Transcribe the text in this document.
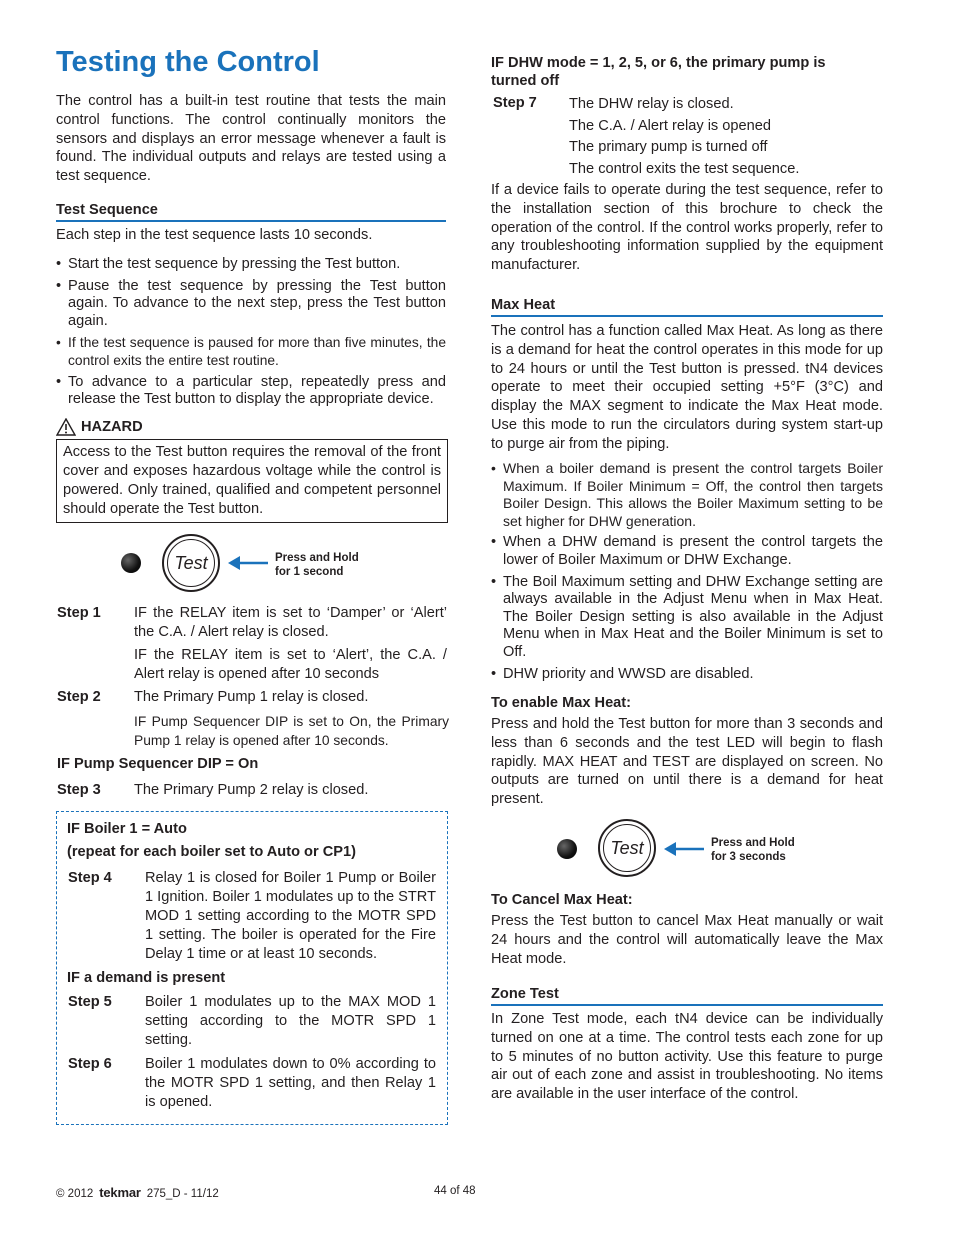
Testing the Control

The control has a built-in test routine that tests the main control functions. The control continually monitors the sensors and displays an error message whenever a fault is found. The individual outputs and relays are tested using a test sequence.

Test Sequence

Each step in the test sequence lasts 10 seconds.

• Start the test sequence by pressing the Test button.
• Pause the test sequence by pressing the Test button again. To advance to the next step, press the Test button again.
• If the test sequence is paused for more than five minutes, the control exits the entire test routine.
• To advance to a particular step, repeatedly press and release the Test button to display the appropriate device.
HAZARD
Access to the Test button requires the removal of the front cover and exposes hazardous voltage while the control is powered. Only trained, qualified and competent personnel should operate the Test button.
Test	Press and Hold
for 1 second
Step 1 IF the RELAY item is set to ‘Damper’ or ‘Alert’ the C.A. / Alert relay is closed.
IF the RELAY item is set to ‘Alert’, the C.A. / Alert relay is opened after 10 seconds
Step 2 The Primary Pump 1 relay is closed.
IF Pump Sequencer DIP is set to On, the Primary Pump 1 relay is opened after 10 seconds.
IF Pump Sequencer DIP = On
Step 3 The Primary Pump 2 relay is closed.
IF Boiler 1 = Auto
(repeat for each boiler set to Auto or CP1)
Step 4 Relay 1 is closed for Boiler 1 Pump or Boiler 1 Ignition. Boiler 1 modulates up to the STRT MOD 1 setting according to the MOTR SPD 1 setting. The boiler is operated for the Fire Delay 1 time or at least 10 seconds.
IF a demand is present
Step 5 Boiler 1 modulates up to the MAX MOD 1 setting according to the MOTR SPD 1 setting.
Step 6 Boiler 1 modulates down to 0% according to the MOTR SPD 1 setting, and then Relay 1 is opened.
IF DHW mode = 1, 2, 5, or 6, the primary pump is turned off
Step 7 The DHW relay is closed.
The C.A. / Alert relay is opened
The primary pump is turned off
The control exits the test sequence.

If a device fails to operate during the test sequence, refer to the installation section of this brochure to check the operation of the control. If the control works properly, refer to any troubleshooting information supplied by the equipment manufacturer.

Max Heat

The control has a function called Max Heat. As long as there is a demand for heat the control operates in this mode for up to 24 hours or until the Test button is pressed. tN4 devices operate to meet their occupied setting +5°F (3°C) and display the MAX segment to indicate the Max Heat mode. Use this mode to run the circulators during system start-up to purge air from the piping.

• When a boiler demand is present the control targets Boiler Maximum. If Boiler Minimum = Off, the control then targets Boiler Design. This allows the Boiler Maximum setting to be set higher for DHW generation.
• When a DHW demand is present the control targets the lower of Boiler Maximum or DHW Exchange.
• The Boil Maximum setting and DHW Exchange setting are always available in the Adjust Menu when in Max Heat. The Boiler Design setting is also available in the Adjust Menu when in Max Heat and the Boiler Minimum is set to Off.
• DHW priority and WWSD are disabled.
To enable Max Heat:

Press and hold the Test button for more than 3 seconds and less than 6 seconds and the test LED will begin to flash rapidly. MAX HEAT and TEST are displayed on screen. No outputs are turned on until there is a demand for heat present.

Test	Press and Hold
for 3 seconds
To Cancel Max Heat:

Press the Test button to cancel Max Heat manually or wait 24 hours and the control will automatically leave the Max Heat mode.

Zone Test

In Zone Test mode, each tN4 device can be individually turned on one at a time. The control tests each zone for up to 5 minutes of no button activity. Use this feature to purge air out of each zone and assist in troubleshooting. No items are available in the user interface of the control.

© 2012 tekmar 275_D - 11/12	44 of 48
